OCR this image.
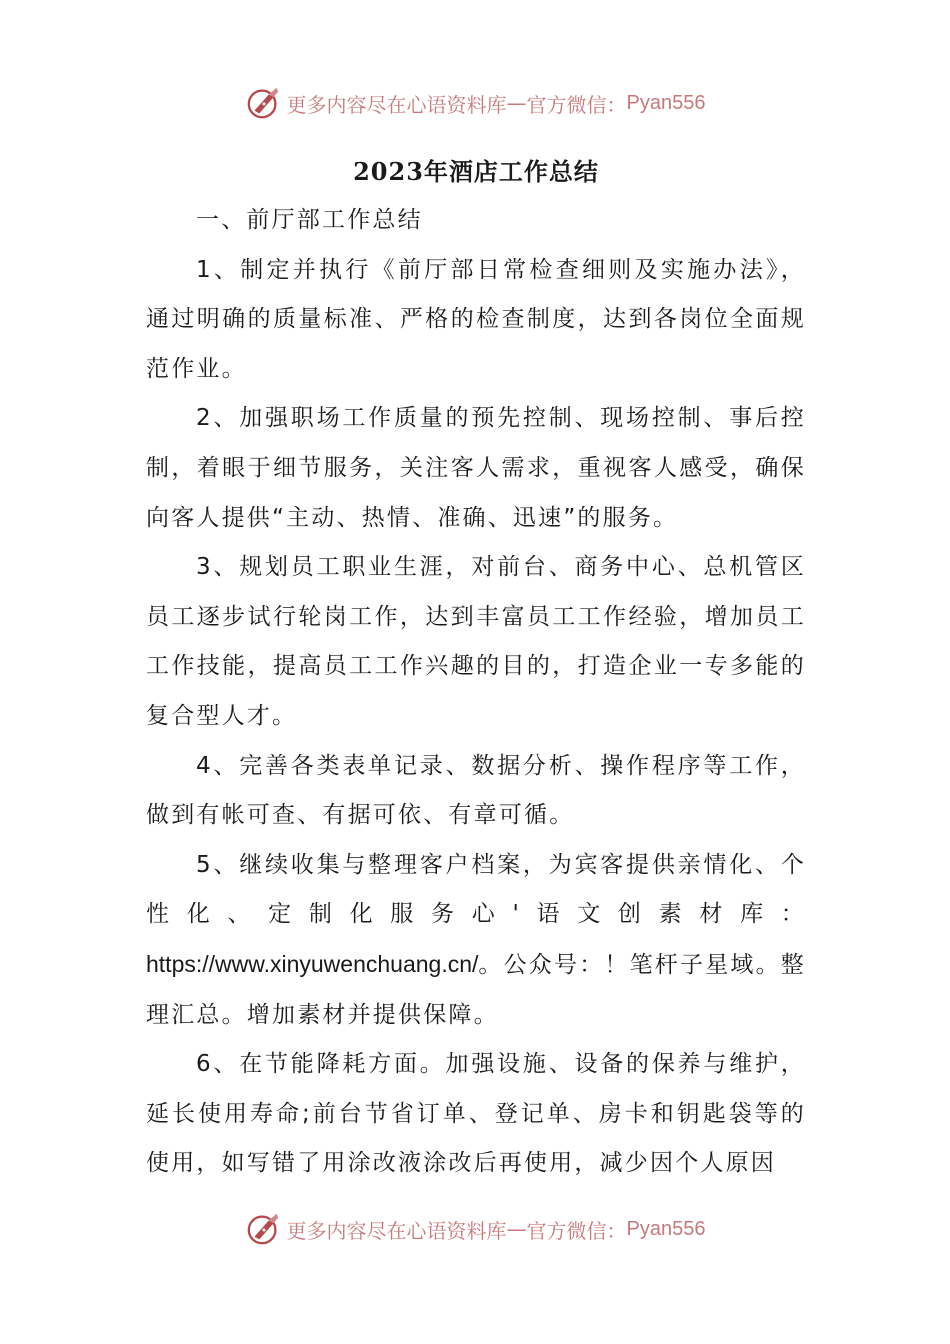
更多内容尽在心语资料库 — 官方微信： Pyan556
2023年酒店工作总结

一、前厅部工作总结

1、制定并执行《前厅部日常检查细则及实施办法》，通过明确的质量标准、严格的检查制度，达到各岗位全面规范作业。

2、加强职场工作质量的预先控制、现场控制、事后控制，着眼于细节服务，关注客人需求，重视客人感受，确保向客人提供“主动、热情、准确、迅速”的服务。

3、规划员工职业生涯，对前台、商务中心、总机管区员工逐步试行轮岗工作，达到丰富员工工作经验，增加员工工作技能，提高员工工作兴趣的目的，打造企业一专多能的复合型人才。

4、完善各类表单记录、数据分析、操作程序等工作，做到有帐可查、有据可依、有章可循。

5、继续收集与整理客户档案，为宾客提供亲情化、个性化、定制化服务心'语文创素材库：https://www.xinyuwenchuang.cn/。公众号：！笔杆子星域。整理汇总。增加素材并提供保障。

6、在节能降耗方面。加强设施、设备的保养与维护，延长使用寿命;前台节省订单、登记单、房卡和钥匙袋等的使用，如写错了用涂改液涂改后再使用，减少因个人原因

更多内容尽在心语资料库 — 官方微信： Pyan556
